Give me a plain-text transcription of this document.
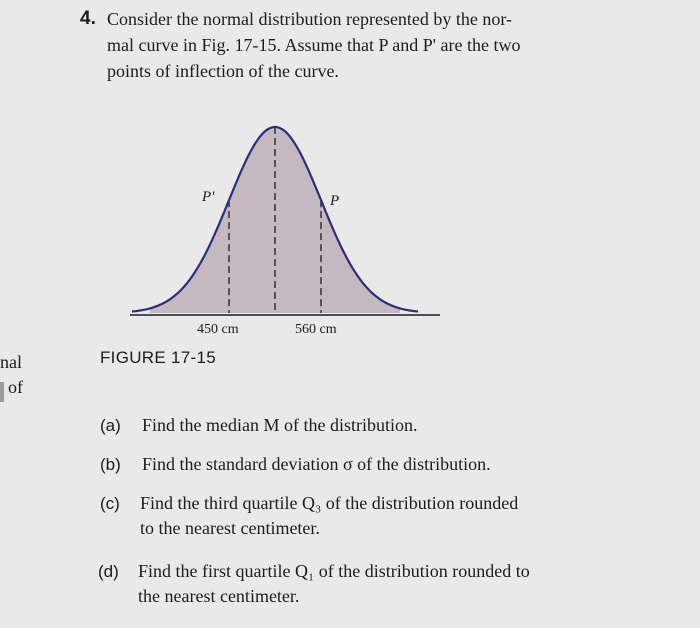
4. Consider the normal distribution represented by the nor-
mal curve in Fig. 17-15. Assume that P and P' are the two
points of inflection of the curve.
P'	P
450 cm	560 cm
FIGURE 17-15
nal
of
(a) Find the median M of the distribution.
(b) Find the standard deviation σ of the distribution.
(c) Find the third quartile Q₃ of the distribution rounded
to the nearest centimeter.
(d) Find the first quartile Q₁ of the distribution rounded to
the nearest centimeter.
